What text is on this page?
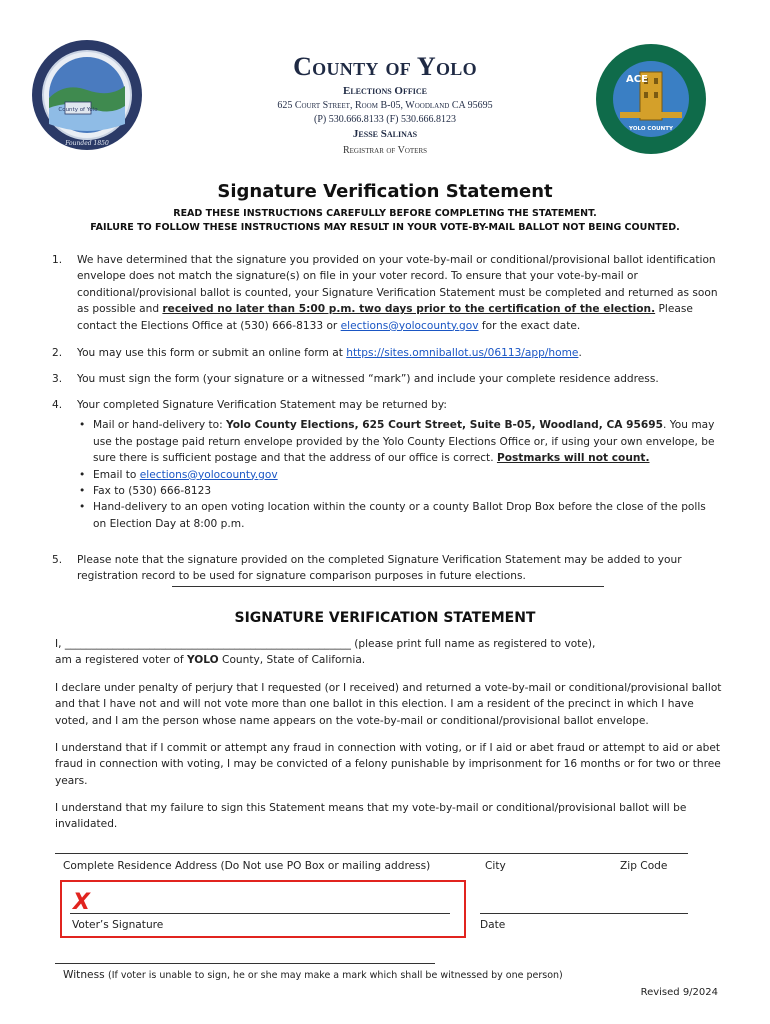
County of Yolo
Founded 1850
ACE
YOLO COUNTY
County of Yolo
Elections Office
625 Court Street, Room B-05, Woodland CA 95695
(P) 530.666.8133 (F) 530.666.8123
Jesse Salinas
Registrar of Voters
Signature Verification Statement
READ THESE INSTRUCTIONS CAREFULLY BEFORE COMPLETING THE STATEMENT.
FAILURE TO FOLLOW THESE INSTRUCTIONS MAY RESULT IN YOUR VOTE-BY-MAIL BALLOT NOT BEING COUNTED.
1. We have determined that the signature you provided on your vote-by-mail or conditional/provisional ballot identification envelope does not match the signature(s) on file in your voter record. To ensure that your vote-by-mail or conditional/provisional ballot is counted, your Signature Verification Statement must be completed and returned as soon as possible and received no later than 5:00 p.m. two days prior to the certification of the election. Please contact the Elections Office at (530) 666-8133 or elections@yolocounty.gov for the exact date.
2. You may use this form or submit an online form at https://sites.omniballot.us/06113/app/home.
3. You must sign the form (your signature or a witnessed “mark”) and include your complete residence address.
4. Your completed Signature Verification Statement may be returned by:
• Mail or hand-delivery to: Yolo County Elections, 625 Court Street, Suite B-05, Woodland, CA 95695. You may use the postage paid return envelope provided by the Yolo County Elections Office or, if using your own envelope, be sure there is sufficient postage and that the address of our office is correct. Postmarks will not count.
• Email to elections@yolocounty.gov
• Fax to (530) 666-8123
• Hand-delivery to an open voting location within the county or a county Ballot Drop Box before the close of the polls on Election Day at 8:00 p.m.
5. Please note that the signature provided on the completed Signature Verification Statement may be added to your registration record to be used for signature comparison purposes in future elections.
SIGNATURE VERIFICATION STATEMENT
I, ______________________________________________________ (please print full name as registered to vote),
am a registered voter of YOLO County, State of California.
I declare under penalty of perjury that I requested (or I received) and returned a vote-by-mail or conditional/provisional ballot and that I have not and will not vote more than one ballot in this election. I am a resident of the precinct in which I have voted, and I am the person whose name appears on the vote-by-mail or conditional/provisional ballot envelope.
I understand that if I commit or attempt any fraud in connection with voting, or if I aid or abet fraud or attempt to aid or abet fraud in connection with voting, I may be convicted of a felony punishable by imprisonment for 16 months or for two or three years.
I understand that my failure to sign this Statement means that my vote-by-mail or conditional/provisional ballot will be invalidated.
Complete Residence Address (Do Not use PO Box or mailing address)	City	Zip Code
X
Voter’s Signature	Date
Witness (If voter is unable to sign, he or she may make a mark which shall be witnessed by one person)
Revised 9/2024
